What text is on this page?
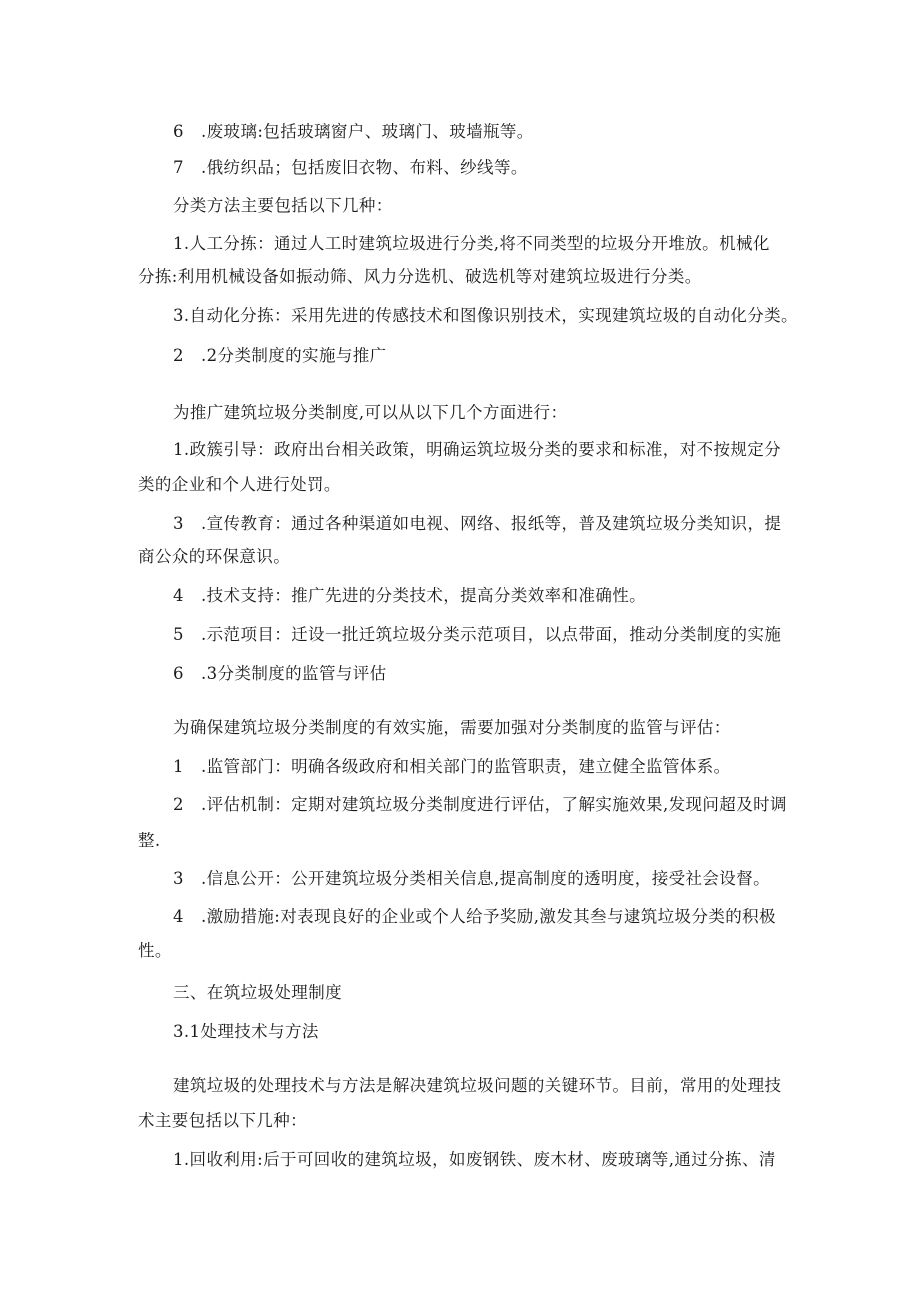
6 .废玻璃:包括玻璃窗户、玻璃门、玻墙瓶等。
7 .俄纺织品；包括废旧衣物、布料、纱线等。
分类方法主要包括以下几种：
1.人工分拣：通过人工时建筑垃圾进行分类,将不同类型的垃圾分开堆放。机械化
分拣:利用机械设备如振动筛、风力分选机、破选机等对建筑垃圾进行分类。
3.自动化分拣：采用先进的传感技术和图像识别技术，实现建筑垃圾的自动化分类。
2 .2分类制度的实施与推广
为推广建筑垃圾分类制度,可以从以下几个方面进行：
1.政簇引导：政府出台相关政策，明确运筑垃圾分类的要求和标准，对不按规定分
类的企业和个人进行处罚。
3 .宣传教育：通过各种渠道如电视、网络、报纸等，普及建筑垃圾分类知识，提
商公众的环保意识。
4 .技术支持：推广先进的分类技术，提高分类效率和准确性。
5 .示范项目：迁设一批迁筑垃圾分类示范项目，以点带面，推动分类制度的实施
6 .3分类制度的监管与评估
为确保建筑垃圾分类制度的有效实施，需要加强对分类制度的监管与评估：
1 .监管部门：明确各级政府和相关部门的监管职责，建立健全监管体系。
2 .评估机制：定期对建筑垃圾分类制度进行评估，了解实施效果,发现问超及时调
整.
3 .信息公开：公开建筑垃圾分类相关信息,提高制度的透明度，接受社会设督。
4 .激励措施:对表现良好的企业或个人给予奖励,激发其叁与逮筑垃圾分类的积极
性。
三、在筑垃圾处理制度
3.1处理技术与方法
建筑垃圾的处理技术与方法是解决建筑垃圾问题的关键环节。目前，常用的处理技
术主要包括以下几种：
1.回收利用:后于可回收的建筑垃圾，如废钢铁、废木材、废玻璃等,通过分拣、清
